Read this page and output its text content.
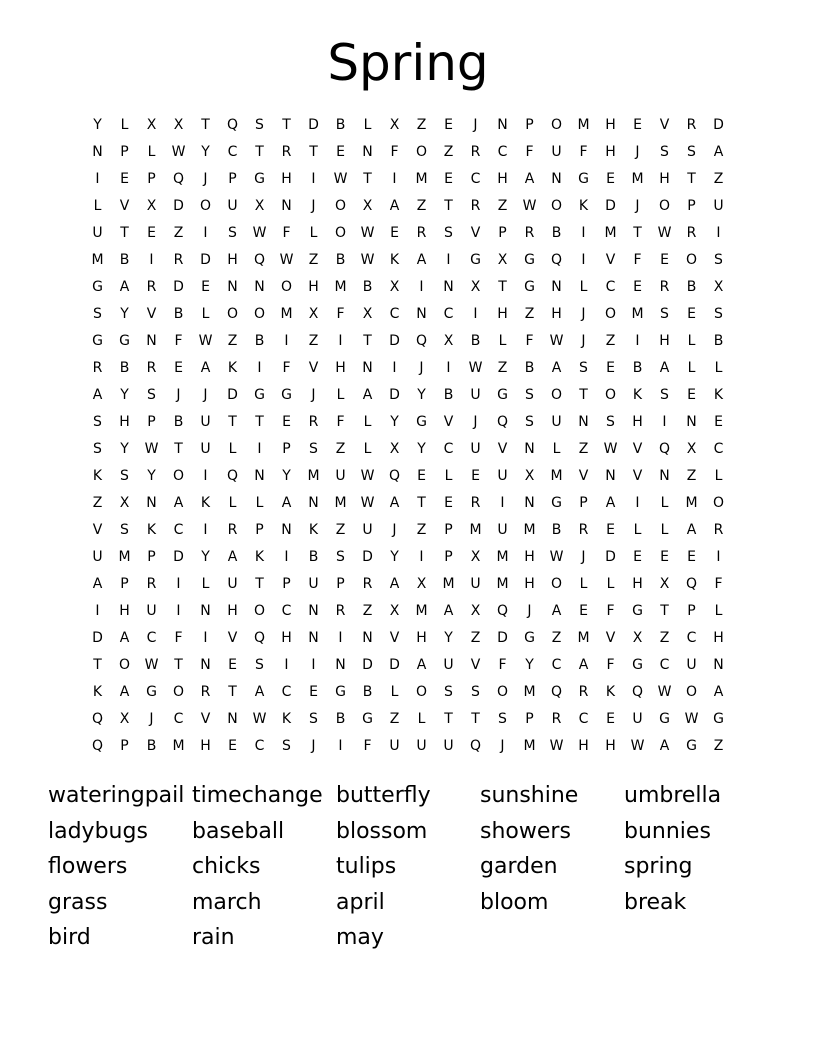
Spring
Y	L	X	X	T	Q	S	T	D	B	L	X	Z	E	J	N	P	O	M	H	E	V	R	D
N	P	L	W	Y	C	T	R	T	E	N	F	O	Z	R	C	F	U	F	H	J	S	S	A
I	E	P	Q	J	P	G	H	I	W	T	I	M	E	C	H	A	N	G	E	M	H	T	Z
L	V	X	D	O	U	X	N	J	O	X	A	Z	T	R	Z	W	O	K	D	J	O	P	U
U	T	E	Z	I	S	W	F	L	O	W	E	R	S	V	P	R	B	I	M	T	W	R	I
M	B	I	R	D	H	Q	W	Z	B	W	K	A	I	G	X	G	Q	I	V	F	E	O	S
G	A	R	D	E	N	N	O	H	M	B	X	I	N	X	T	G	N	L	C	E	R	B	X
S	Y	V	B	L	O	O	M	X	F	X	C	N	C	I	H	Z	H	J	O	M	S	E	S
G	G	N	F	W	Z	B	I	Z	I	T	D	Q	X	B	L	F	W	J	Z	I	H	L	B
R	B	R	E	A	K	I	F	V	H	N	I	J	I	W	Z	B	A	S	E	B	A	L	L
A	Y	S	J	J	D	G	G	J	L	A	D	Y	B	U	G	S	O	T	O	K	S	E	K
S	H	P	B	U	T	T	E	R	F	L	Y	G	V	J	Q	S	U	N	S	H	I	N	E
S	Y	W	T	U	L	I	P	S	Z	L	X	Y	C	U	V	N	L	Z	W	V	Q	X	C
K	S	Y	O	I	Q	N	Y	M	U	W	Q	E	L	E	U	X	M	V	N	V	N	Z	L
Z	X	N	A	K	L	L	A	N	M	W	A	T	E	R	I	N	G	P	A	I	L	M	O
V	S	K	C	I	R	P	N	K	Z	U	J	Z	P	M	U	M	B	R	E	L	L	A	R
U	M	P	D	Y	A	K	I	B	S	D	Y	I	P	X	M	H	W	J	D	E	E	E	I
A	P	R	I	L	U	T	P	U	P	R	A	X	M	U	M	H	O	L	L	H	X	Q	F
I	H	U	I	N	H	O	C	N	R	Z	X	M	A	X	Q	J	A	E	F	G	T	P	L
D	A	C	F	I	V	Q	H	N	I	N	V	H	Y	Z	D	G	Z	M	V	X	Z	C	H
T	O	W	T	N	E	S	I	I	N	D	D	A	U	V	F	Y	C	A	F	G	C	U	N
K	A	G	O	R	T	A	C	E	G	B	L	O	S	S	O	M	Q	R	K	Q	W	O	A
Q	X	J	C	V	N	W	K	S	B	G	Z	L	T	T	S	P	R	C	E	U	G	W	G
Q	P	B	M	H	E	C	S	J	I	F	U	U	U	Q	J	M	W	H	H	W	A	G	Z
wateringpail timechange butterfly	sunshine	umbrella
ladybugs	baseball	blossom	showers	bunnies
flowers	chicks	tulips	garden	spring
grass	march	april	bloom	break
bird	rain	may
